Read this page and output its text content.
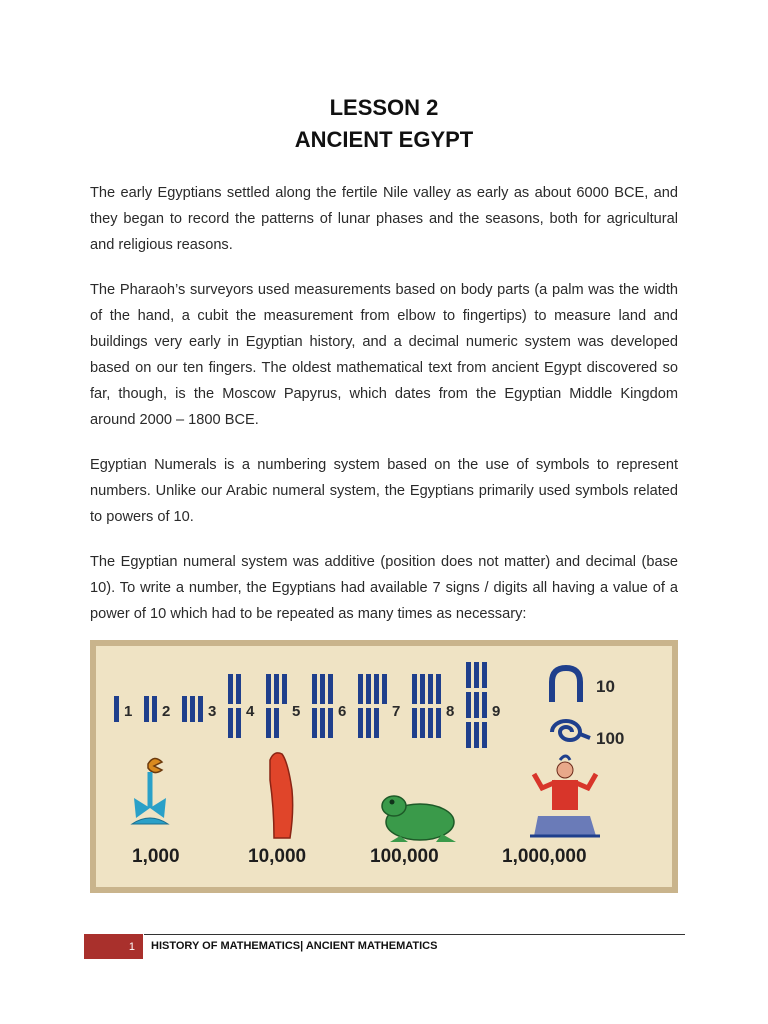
LESSON 2
ANCIENT EGYPT

The early Egyptians settled along the fertile Nile valley as early as about 6000 BCE, and they began to record the patterns of lunar phases and the seasons, both for agricultural and religious reasons.

The Pharaoh’s surveyors used measurements based on body parts (a palm was the width of the hand, a cubit the measurement from elbow to fingertips) to measure land and buildings very early in Egyptian history, and a decimal numeric system was developed based on our ten fingers. The oldest mathematical text from ancient Egypt discovered so far, though, is the Moscow Papyrus, which dates from the Egyptian Middle Kingdom around 2000 – 1800 BCE.

Egyptian Numerals is a numbering system based on the use of symbols to represent numbers. Unlike our Arabic numeral system, the Egyptians primarily used symbols related to powers of 10.

The Egyptian numeral system was additive (position does not matter) and decimal (base 10). To write a number, the Egyptians had available 7 signs / digits all having a value of a power of 10 which had to be repeated as many times as necessary:

1 2	3 4	5	6	7	8	9
10
100
1,000	10,000	100,000	1,000,000
1	HISTORY OF MATHEMATICS| ANCIENT MATHEMATICS
